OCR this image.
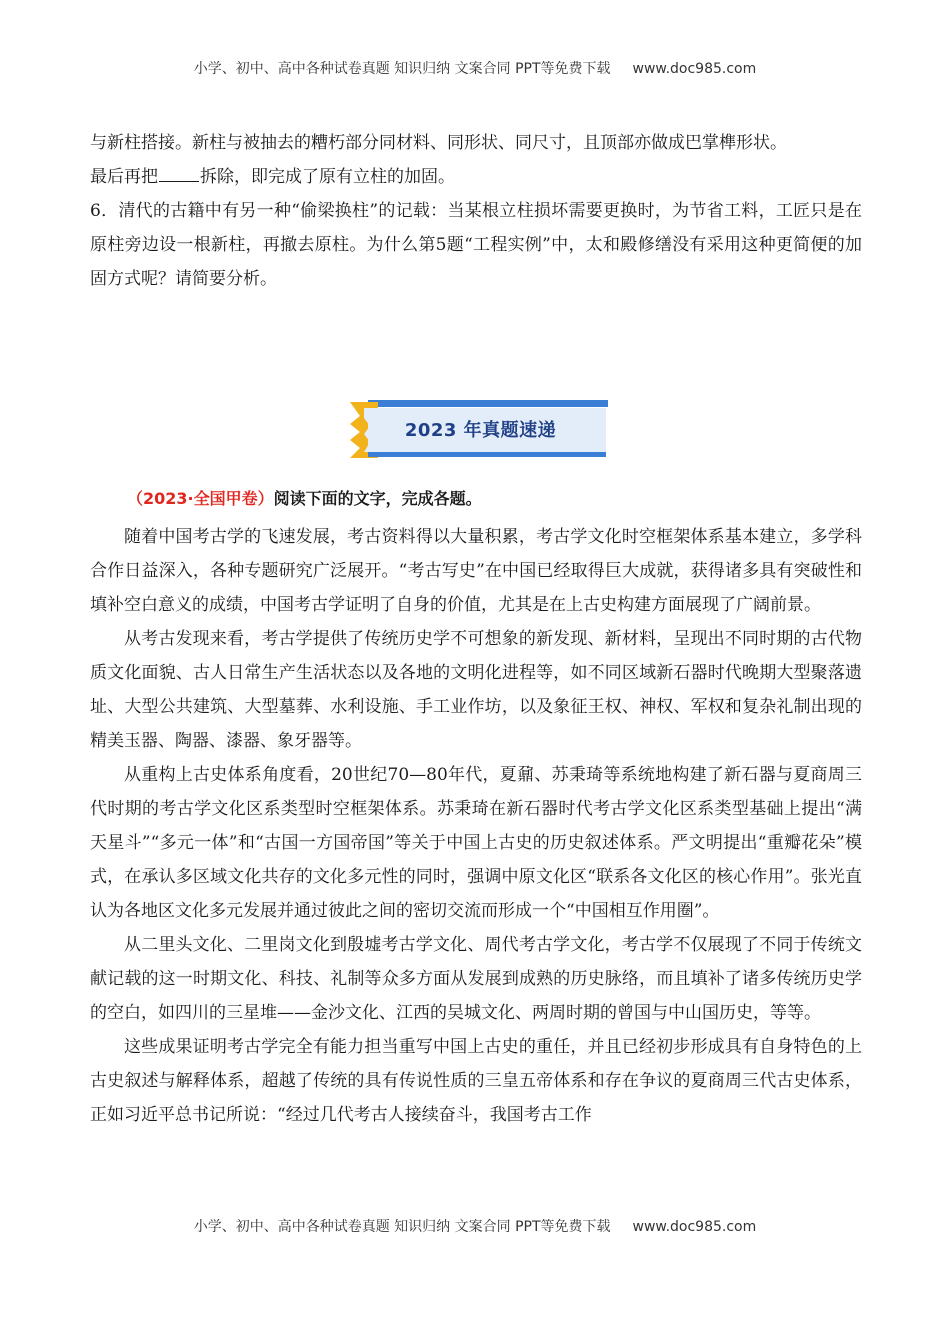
小学、初中、高中各种试卷真题 知识归纳 文案合同 PPT等免费下载 www.doc985.com

与新柱搭接。新柱与被抽去的糟朽部分同材料、同形状、同尺寸，且顶部亦做成巴掌榫形状。

最后再把 拆除，即完成了原有立柱的加固。

6．清代的古籍中有另一种“偷梁换柱”的记载：当某根立柱损坏需要更换时，为节省工料，工匠只是在原柱旁边设一根新柱，再撤去原柱。为什么第5题“工程实例”中，太和殿修缮没有采用这种更简便的加固方式呢？请简要分析。

2023 年真题速递
（2023·全国甲卷）阅读下面的文字，完成各题。

随着中国考古学的飞速发展，考古资料得以大量积累，考古学文化时空框架体系基本建立，多学科合作日益深入，各种专题研究广泛展开。“考古写史”在中国已经取得巨大成就，获得诸多具有突破性和填补空白意义的成绩，中国考古学证明了自身的价值，尤其是在上古史构建方面展现了广阔前景。

从考古发现来看，考古学提供了传统历史学不可想象的新发现、新材料，呈现出不同时期的古代物质文化面貌、古人日常生产生活状态以及各地的文明化进程等，如不同区域新石器时代晚期大型聚落遗址、大型公共建筑、大型墓葬、水利设施、手工业作坊，以及象征王权、神权、军权和复杂礼制出现的精美玉器、陶器、漆器、象牙器等。

从重构上古史体系角度看，20世纪70—80年代，夏鼐、苏秉琦等系统地构建了新石器与夏商周三代时期的考古学文化区系类型时空框架体系。苏秉琦在新石器时代考古学文化区系类型基础上提出“满天星斗”“多元一体”和“古国一方国帝国”等关于中国上古史的历史叙述体系。严文明提出“重瓣花朵”模式，在承认多区域文化共存的文化多元性的同时，强调中原文化区“联系各文化区的核心作用”。张光直认为各地区文化多元发展并通过彼此之间的密切交流而形成一个“中国相互作用圈”。

从二里头文化、二里岗文化到殷墟考古学文化、周代考古学文化，考古学不仅展现了不同于传统文献记载的这一时期文化、科技、礼制等众多方面从发展到成熟的历史脉络，而且填补了诸多传统历史学的空白，如四川的三星堆——金沙文化、江西的吴城文化、两周时期的曾国与中山国历史，等等。

这些成果证明考古学完全有能力担当重写中国上古史的重任，并且已经初步形成具有自身特色的上古史叙述与解释体系，超越了传统的具有传说性质的三皇五帝体系和存在争议的夏商周三代古史体系，正如习近平总书记所说：“经过几代考古人接续奋斗，我国考古工作

小学、初中、高中各种试卷真题 知识归纳 文案合同 PPT等免费下载 www.doc985.com
